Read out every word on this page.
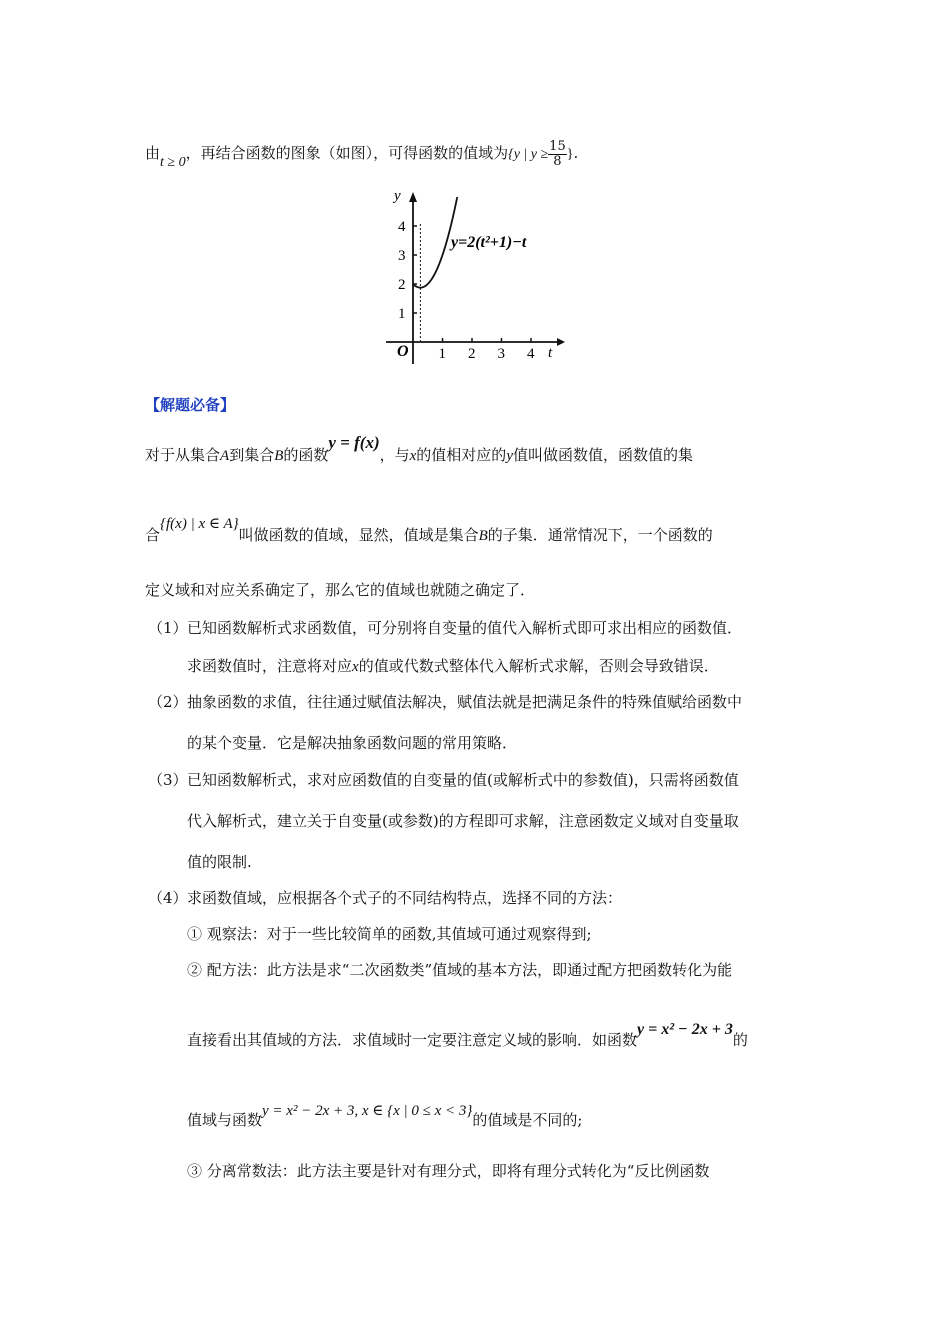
由t ≥ 0，再结合函数的图象（如图），可得函数的值域为{y | $y \ge \frac{15}{8}$ }.
1 2 3 4
1
2
3
4
y
t
O
y=2(t²+1)−t
【解题必备】
对于从集合A到集合B的函数y = f(x)，与x的值相对应的y值叫做函数值，函数值的集
合{f(x) | x ∈ A}叫做函数的值域，显然，值域是集合B的子集．通常情况下，一个函数的
定义域和对应关系确定了，那么它的值域也就随之确定了．
（1） 已知函数解析式求函数值，可分别将自变量的值代入解析式即可求出相应的函数值．
求函数值时，注意将对应x的值或代数式整体代入解析式求解，否则会导致错误．
（2） 抽象函数的求值，往往通过赋值法解决，赋值法就是把满足条件的特殊值赋给函数中
的某个变量．它是解决抽象函数问题的常用策略．
（3） 已知函数解析式，求对应函数值的自变量的值(或解析式中的参数值)，只需将函数值
代入解析式，建立关于自变量(或参数)的方程即可求解，注意函数定义域对自变量取
值的限制.
（4） 求函数值域，应根据各个式子的不同结构特点，选择不同的方法：
① 观察法：对于一些比较简单的函数,其值域可通过观察得到;
② 配方法：此方法是求“二次函数类”值域的基本方法，即通过配方把函数转化为能
直接看出其值域的方法．求值域时一定要注意定义域的影响．如函数y = x² − 2x + 3的
值域与函数y = x² − 2x + 3, x ∈ {x | 0 ≤ x < 3}的值域是不同的;
③ 分离常数法：此方法主要是针对有理分式，即将有理分式转化为“反比例函数
